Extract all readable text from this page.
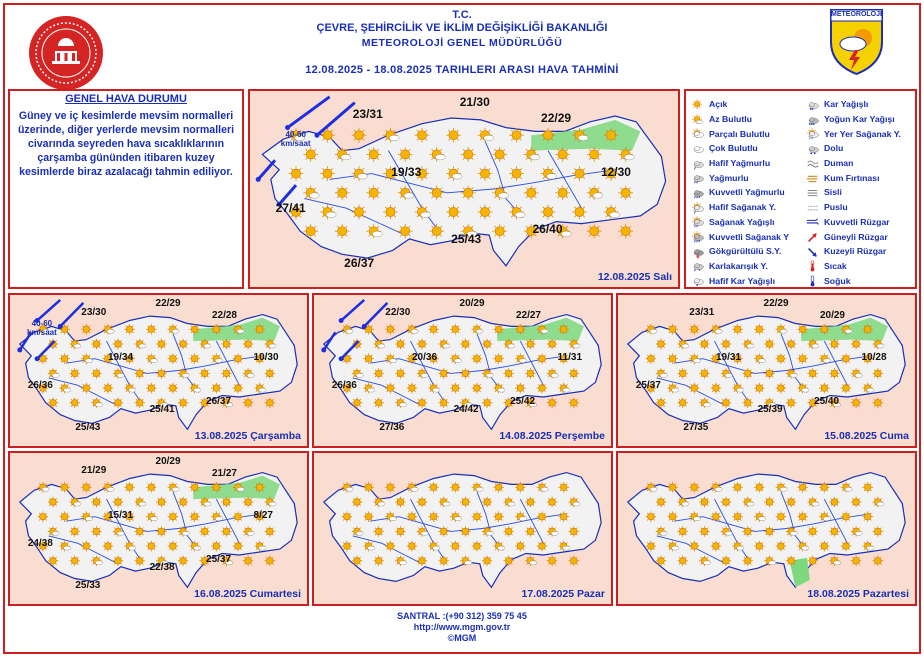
METEOROLOJİ
T.C.
ÇEVRE, ŞEHİRCİLİK VE İKLİM DEĞİŞİKLİĞİ BAKANLIĞI
METEOROLOJİ GENEL MÜDÜRLÜĞÜ
12.08.2025 - 18.08.2025 TARIHLERI ARASI HAVA TAHMİNİ
GENEL HAVA DURUMU

Güney ve iç kesimlerde mevsim normalleri üzerinde, diğer yerlerde mevsim normalleri civarında seyreden hava sıcaklıklarının çarşamba gününden itibaren kuzey kesimlerde biraz azalacağı tahmin ediliyor.

Açık
Az Bulutlu
Parçalı Bulutlu
Çok Bulutlu
Hafif Yağmurlu
Yağmurlu
Kuvvetli Yağmurlu
Hafif Sağanak Y.
Sağanak Yağışlı
Kuvvetli Sağanak Y
Gökgürültülü S.Y.
*
Karlakarışık Y.
*
Hafif Kar Yağışlı
**
Kar Yağışlı
***
Yoğun Kar Yağışı
Yer Yer Sağanak Y.
Dolu
Duman
Kum Fırtınası
Sisli
Puslu
Kuvvetli Rüzgar
Güneyli Rüzgar
Kuzeyli Rüzgar
Sıcak
Soğuk
40-60 km/saat
23/31
21/30
22/29
19/33	12/30
27/41
25/43
26/40
26/37
12.08.2025 Salı
40-60 km/saat
23/30
22/29
22/28
19/34	10/30
26/36
25/41
26/37
25/43
13.08.2025 Çarşamba
22/30
20/29
22/27
20/36	11/31
26/36
24/42
25/42
27/36
14.08.2025 Perşembe
23/31
22/29
20/29
19/31	10/28
25/37
25/39
25/40
27/35
15.08.2025 Cuma
21/29
20/29
21/27
15/31	8/27
24/38
22/38
25/37
25/33
16.08.2025 Cumartesi	17.08.2025 Pazar	18.08.2025 Pazartesi
SANTRAL :(+90 312) 359 75 45
http://www.mgm.gov.tr
©MGM
